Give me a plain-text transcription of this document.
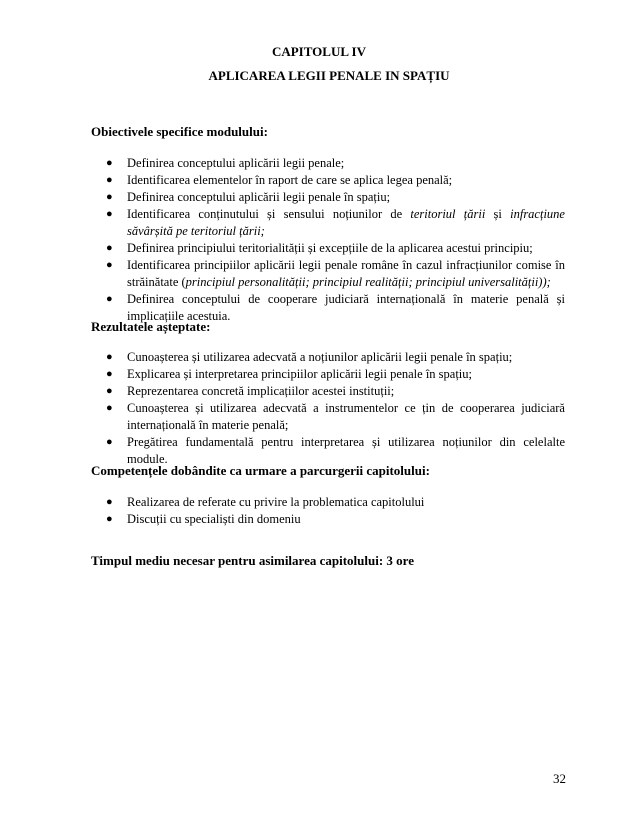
CAPITOLUL IV
APLICAREA LEGII PENALE IN SPAȚIU
Obiectivele specifice modulului:
● Definirea conceptului aplicării legii penale;
● Identificarea elementelor în raport de care se aplica legea penală;
● Definirea conceptului aplicării legii penale în spațiu;
● Identificarea conținutului și sensului noțiunilor de teritoriul țării și infracțiune săvârșită pe teritoriul țării;
● Definirea principiului teritorialității și excepțiile de la aplicarea acestui principiu;
● Identificarea principiilor aplicării legii penale române în cazul infracțiunilor comise în străinătate (principiul personalității; principiul realității; principiul universalității));
● Definirea conceptului de cooperare judiciară internațională în materie penală și implicațiile acestuia.
Rezultatele așteptate:
● Cunoașterea și utilizarea adecvată a noțiunilor aplicării legii penale în spațiu;
● Explicarea și interpretarea principiilor aplicării legii penale în spațiu;
● Reprezentarea concretă implicațiilor acestei instituții;
● Cunoașterea și utilizarea adecvată a instrumentelor ce țin de cooperarea judiciară internațională în materie penală;
● Pregătirea fundamentală pentru interpretarea și utilizarea noțiunilor din celelalte module.
Competențele dobândite ca urmare a parcurgerii capitolului:
● Realizarea de referate cu privire la problematica capitolului
● Discuții cu specialiști din domeniu
Timpul mediu necesar pentru asimilarea capitolului: 3 ore
32
